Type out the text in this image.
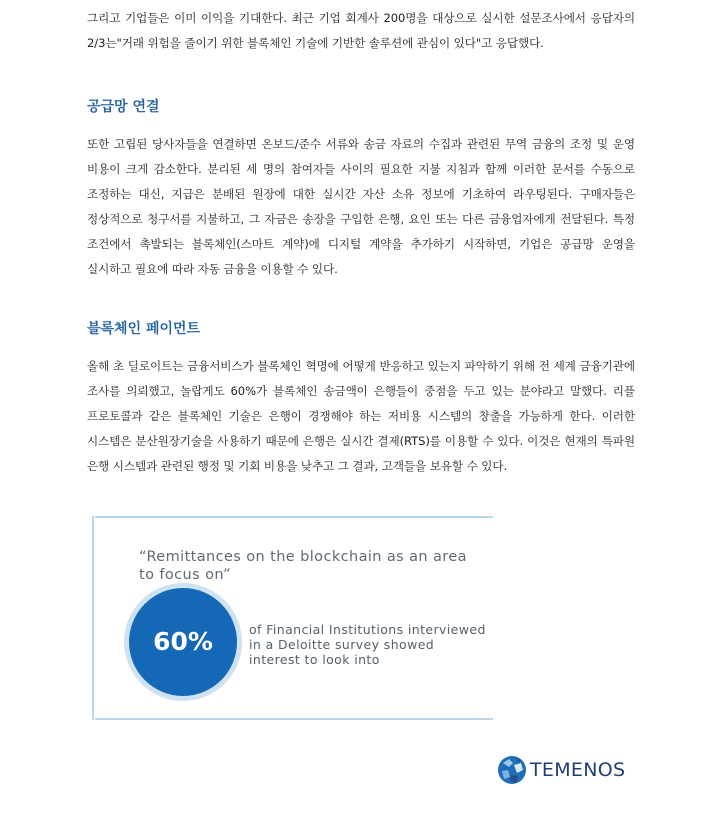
그리고 기업들은 이미 이익을 기대한다. 최근 기업 회계사 200명을 대상으로 실시한 설문조사에서 응답자의 2/3는"거래 위험을 줄이기 위한 블록체인 기술에 기반한 솔루션에 관심이 있다"고 응답했다.

공급망 연결

또한 고립된 당사자들을 연결하면 온보드/준수 서류와 송금 자료의 수집과 관련된 무역 금융의 조정 및 운영 비용이 크게 감소한다. 분리된 세 명의 참여자들 사이의 필요한 지불 지침과 함께 이러한 문서를 수동으로 조정하는 대신, 지급은 분배된 원장에 대한 실시간 자산 소유 정보에 기초하여 라우팅된다. 구매자들은 정상적으로 청구서를 지불하고, 그 자금은 송장을 구입한 은행, 요인 또는 다른 금융업자에게 전달된다. 특정 조건에서 촉발되는 블록체인(스마트 계약)에 디지털 계약을 추가하기 시작하면, 기업은 공급망 운영을 실시하고 필요에 따라 자동 금융을 이용할 수 있다.

블록체인 페이먼트

올해 초 딜로이트는 금융서비스가 블록체인 혁명에 어떻게 반응하고 있는지 파악하기 위해 전 세계 금융기관에 조사를 의뢰했고, 놀랍게도 60%가 블록체인 송금액이 은행들이 중점을 두고 있는 분야라고 말했다. 리플 프로토콜과 같은 블록체인 기술은 은행이 경쟁해야 하는 저비용 시스템의 창출을 가능하게 한다. 이러한 시스템은 분산원장기술을 사용하기 때문에 은행은 실시간 결제(RTS)를 이용할 수 있다. 이것은 현재의 특파원 은행 시스템과 관련된 행정 및 기회 비용을 낮추고 그 결과, 고객들을 보유할 수 있다.

“Remittances on the blockchain as an area to focus on”

60%	of Financial Institutions interviewed in a Deloitte survey showed interest to look into

TEMENOS
